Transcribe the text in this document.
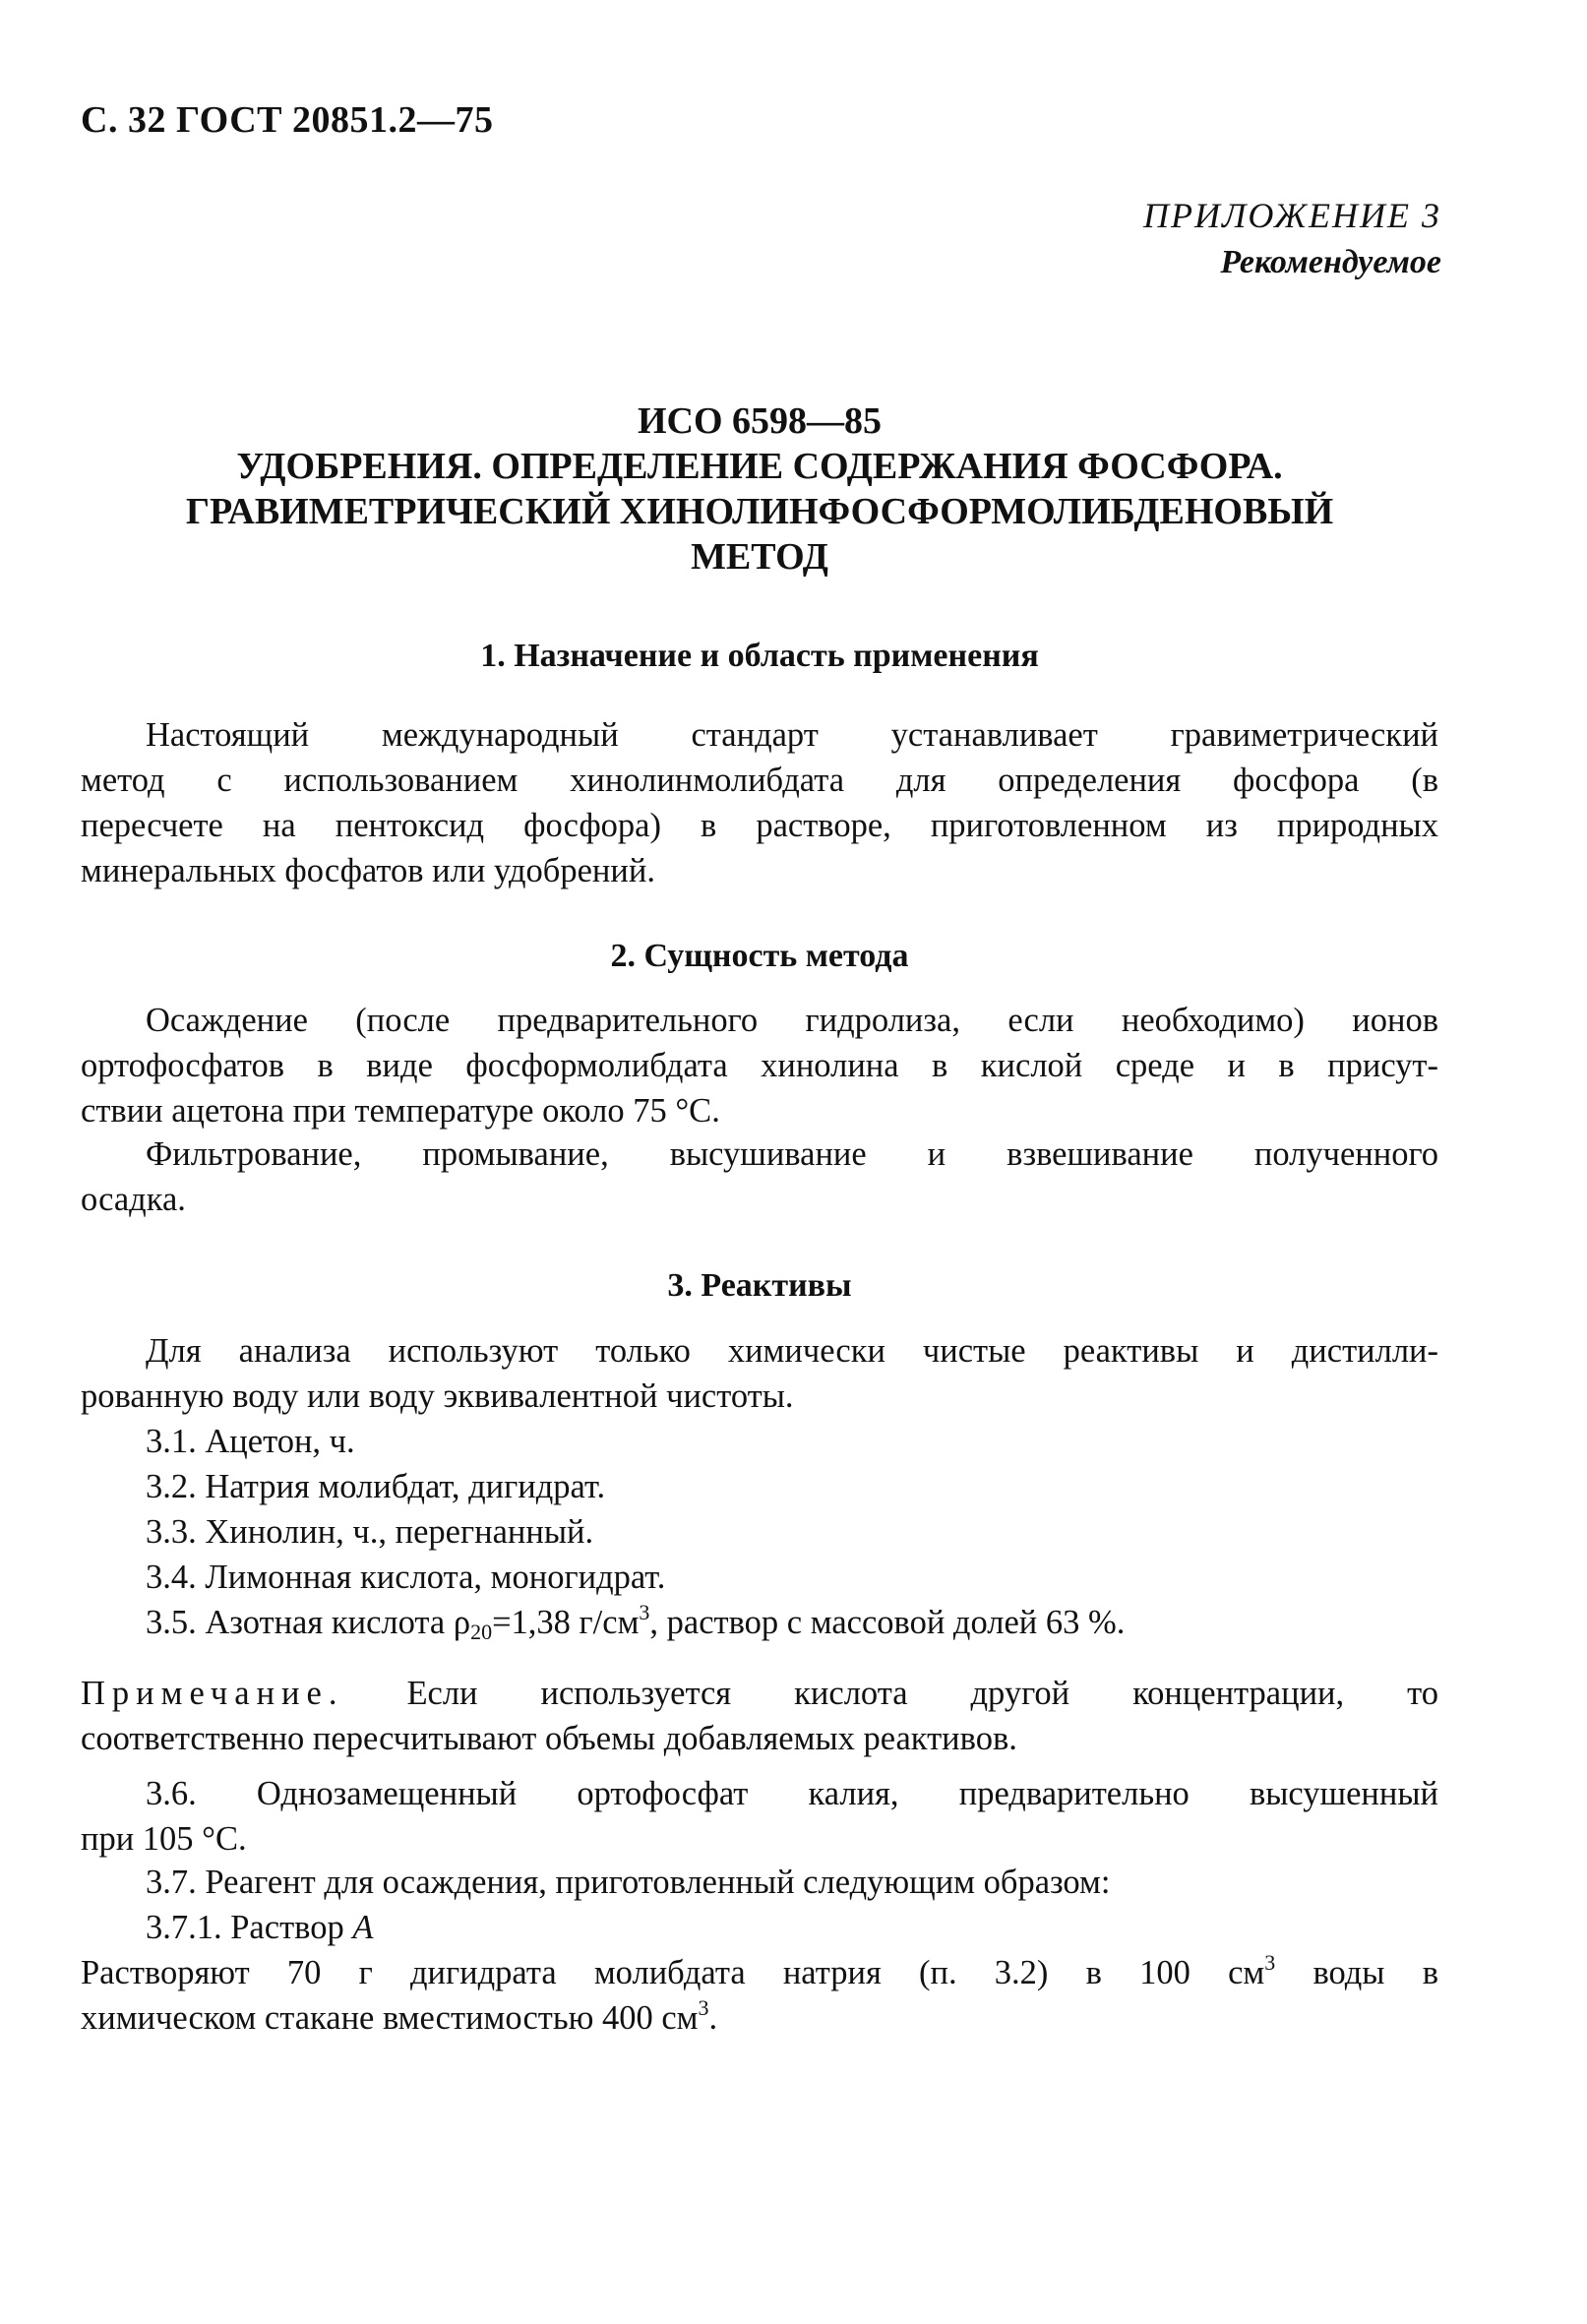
С. 32 ГОСТ 20851.2—75
ПРИЛОЖЕНИЕ 3
Рекомендуемое
ИСО 6598—85
УДОБРЕНИЯ. ОПРЕДЕЛЕНИЕ СОДЕРЖАНИЯ ФОСФОРА.
ГРАВИМЕТРИЧЕСКИЙ ХИНОЛИНФОСФОРМОЛИБДЕНОВЫЙ
МЕТОД
1. Назначение и область применения
Настоящий международный стандарт устанавливает гравиметрический
метод с использованием хинолинмолибдата для определения фосфора (в
пересчете на пентоксид фосфора) в растворе, приготовленном из природных
минеральных фосфатов или удобрений.
2. Сущность метода
Осаждение (после предварительного гидролиза, если необходимо) ионов
ортофосфатов в виде фосформолибдата хинолина в кислой среде и в присут-
ствии ацетона при температуре около 75 °С.
Фильтрование, промывание, высушивание и взвешивание полученного
осадка.
3. Реактивы
Для анализа используют только химически чистые реактивы и дистилли-
рованную воду или воду эквивалентной чистоты.
3.1. Ацетон, ч.
3.2. Натрия молибдат, дигидрат.
3.3. Хинолин, ч., перегнанный.
3.4. Лимонная кислота, моногидрат.
3.5. Азотная кислота $\rho_{20}=1,38$ $г/см^3$, раствор с массовой долей 63 %.
Примечание. Если используется кислота другой концентрации, то
соответственно пересчитывают объемы добавляемых реактивов.
3.6. Однозамещенный ортофосфат калия, предварительно высушенный
при 105 °С.
3.7. Реагент для осаждения, приготовленный следующим образом:
3.7.1. Раствор А
Растворяют 70 г дигидрата молибдата натрия (п. 3.2) в 100 $см^3$ воды в
химическом стакане вместимостью 400 $см^3$.
